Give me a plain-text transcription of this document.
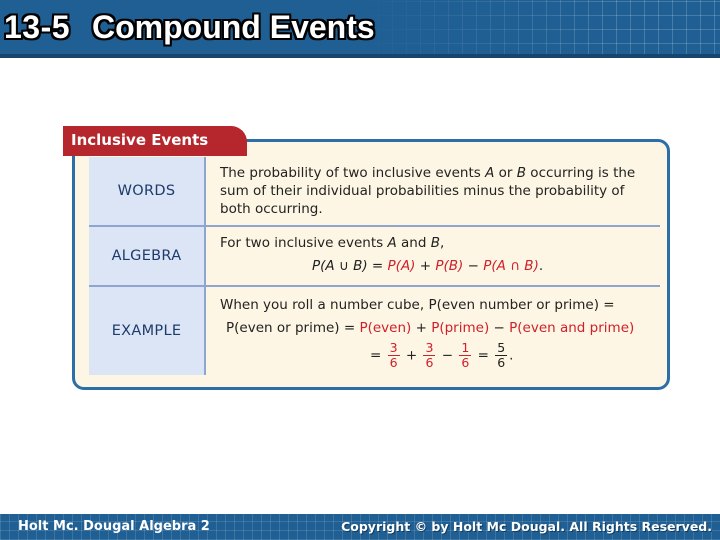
13-5 Compound Events
Inclusive Events
WORDS
ALGEBRA
EXAMPLE
The probability of two inclusive events A or B occurring is the
sum of their individual probabilities minus the probability of
both occurring.
For two inclusive events A and B,
P(A ∪ B) = P(A) + P(B) − P(A ∩ B).
When you roll a number cube, P(even number or prime) =
P(even or prime) = P(even) + P(prime) − P(even and prime)
= $\frac{3}{6} + \frac{3}{6} - \frac{1}{6} = \frac{5}{6}$ .
Holt Mc. Dougal Algebra 2	Copyright © by Holt Mc Dougal. All Rights Reserved.
